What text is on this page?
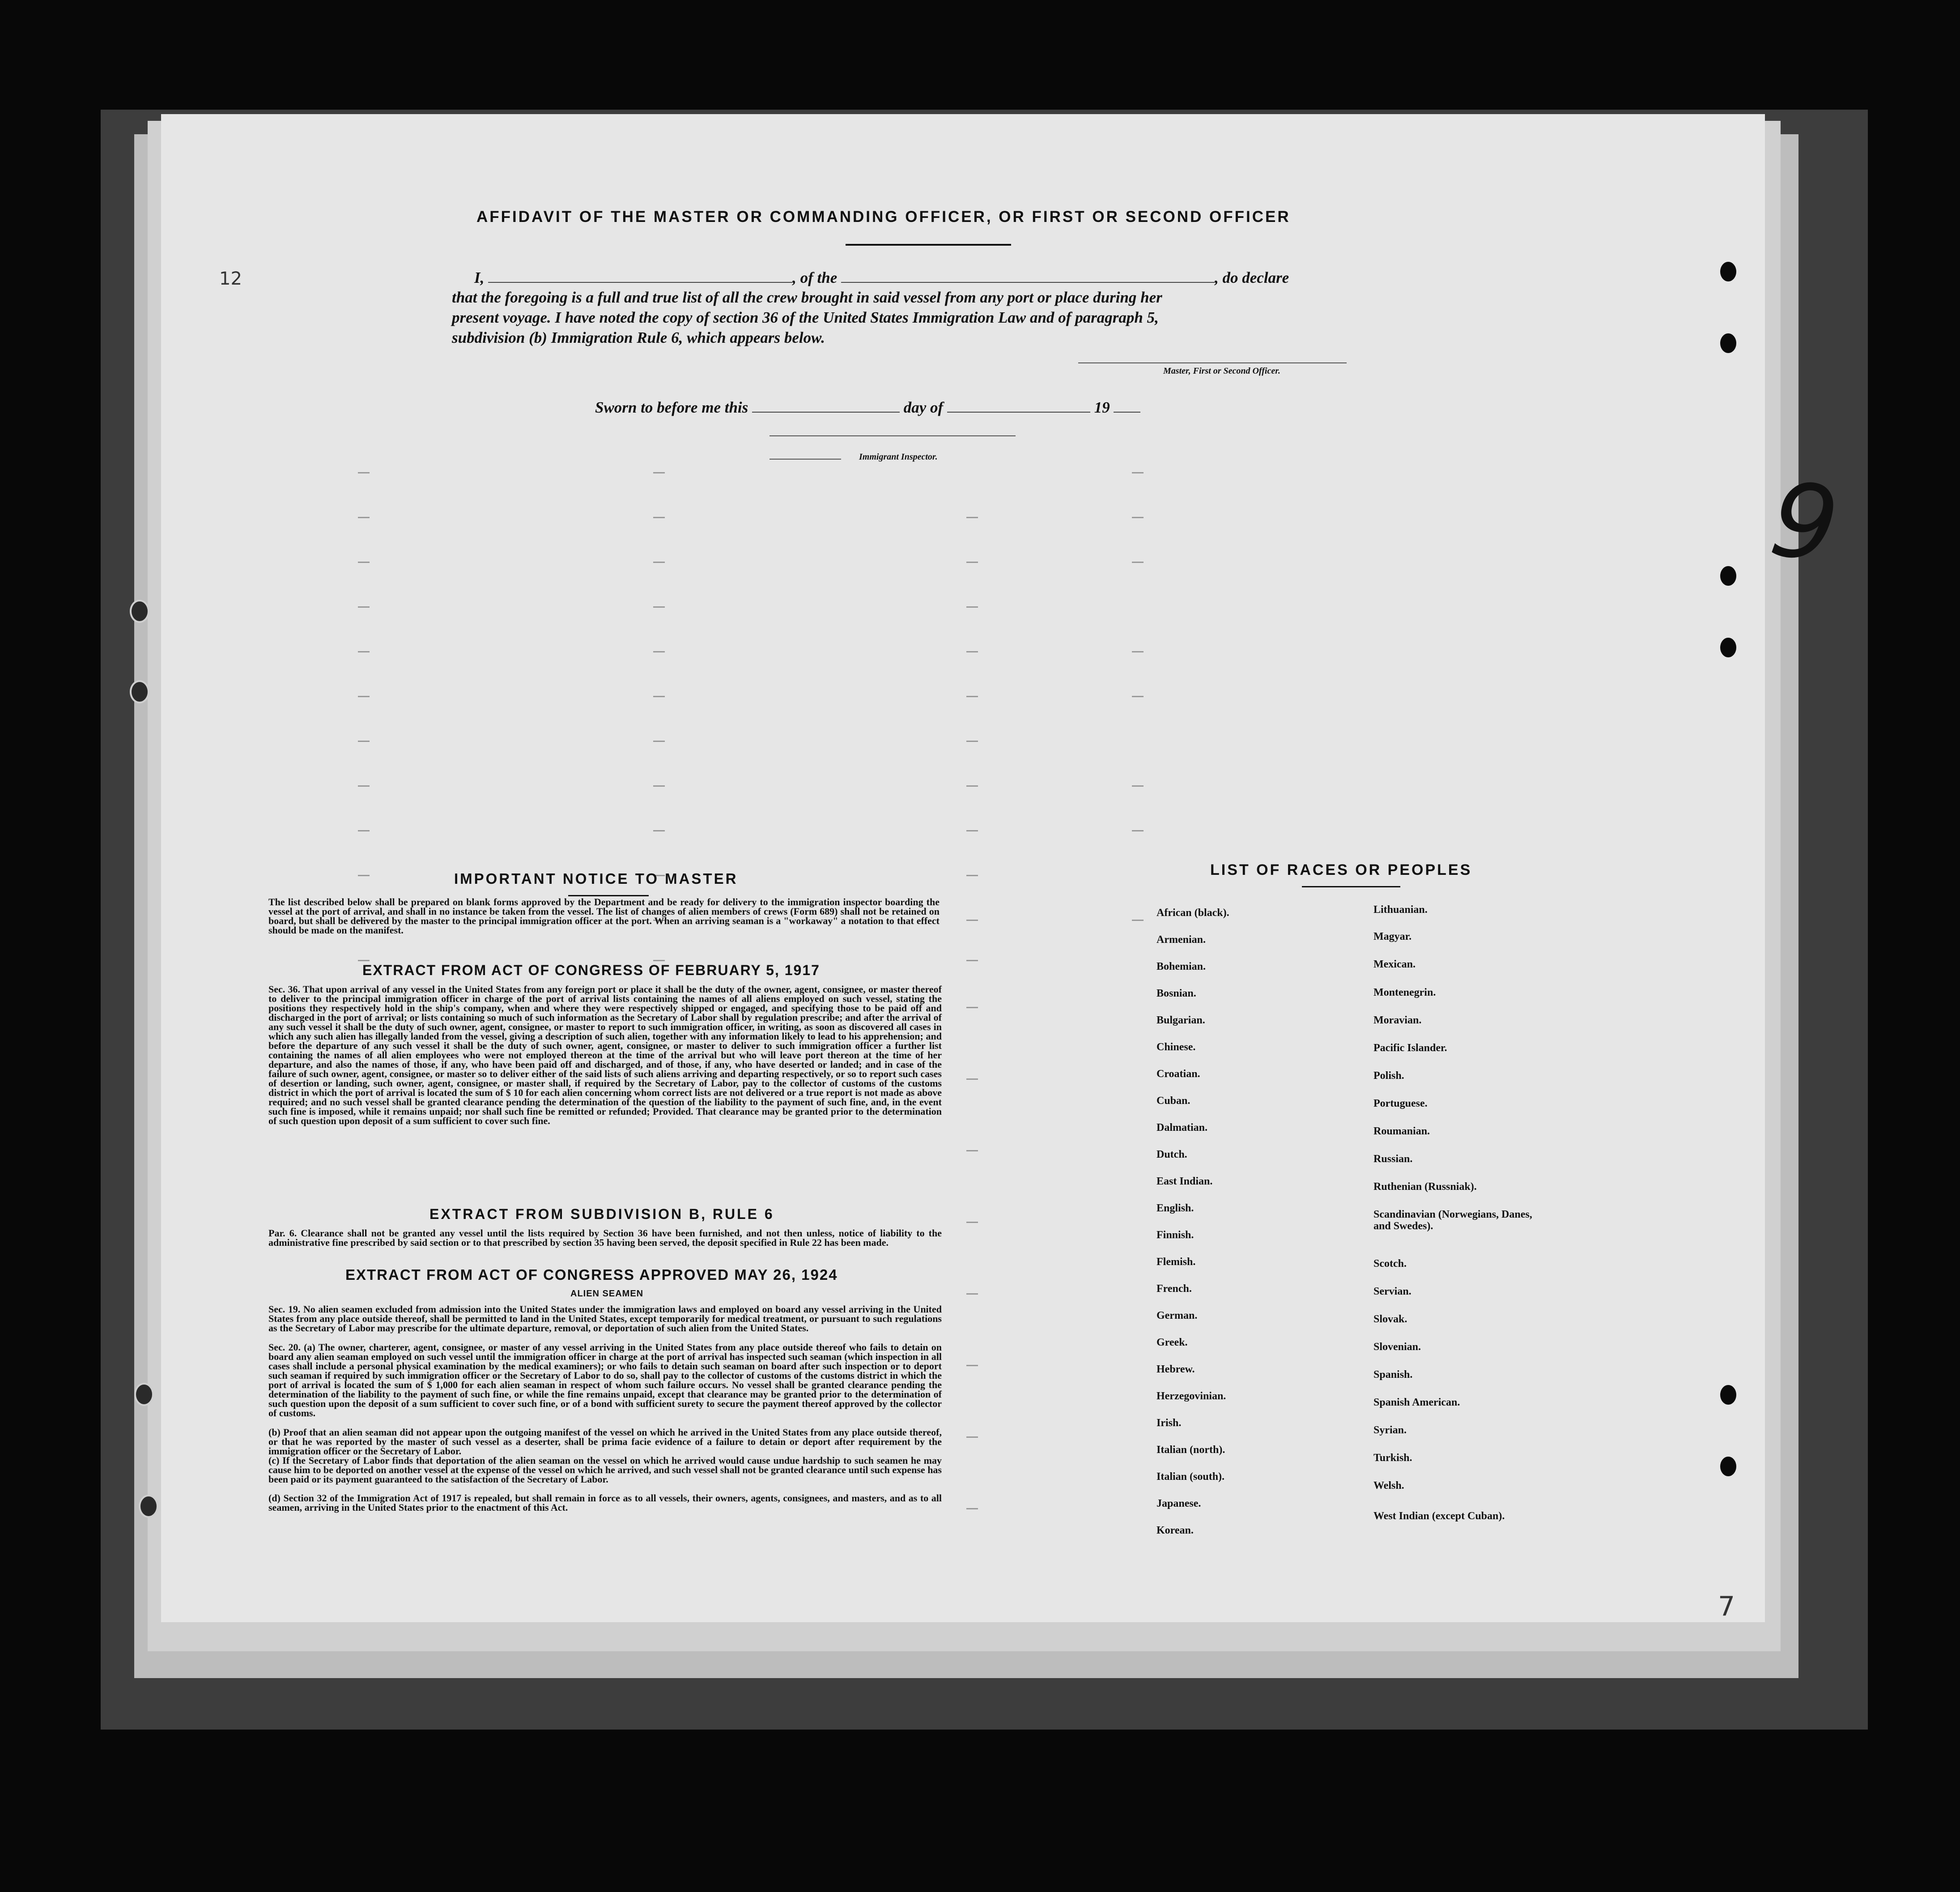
⠀
12
9
7
AFFIDAVIT OF THE MASTER OR COMMANDING OFFICER, OR FIRST OR SECOND OFFICER
I,	, of the	, do declare
that the foregoing is a full and true list of all the crew brought in said vessel from any port or place during her
present voyage. I have noted the copy of section 36 of the United States Immigration Law and of paragraph 5,
subdivision (b) Immigration Rule 6, which appears below.
Master, First or Second Officer.
Sworn to before me this	day of	19
Immigrant Inspector.
IMPORTANT NOTICE TO MASTER
The list described below shall be prepared on blank forms approved by the Department and be ready for delivery to the immigration inspector boarding the vessel at the port of arrival, and shall in no instance be taken from the vessel. The list of changes of alien members of crews (Form 689) shall not be retained on board, but shall be delivered by the master to the principal immigration officer at the port. When an arriving seaman is a "workaway" a notation to that effect should be made on the manifest.
EXTRACT FROM ACT OF CONGRESS OF FEBRUARY 5, 1917
Sec. 36. That upon arrival of any vessel in the United States from any foreign port or place it shall be the duty of the owner, agent, consignee, or master thereof to deliver to the principal immigration officer in charge of the port of arrival lists containing the names of all aliens employed on such vessel, stating the positions they respectively hold in the ship's company, when and where they were respectively shipped or engaged, and specifying those to be paid off and discharged in the port of arrival; or lists containing so much of such information as the Secretary of Labor shall by regulation prescribe; and after the arrival of any such vessel it shall be the duty of such owner, agent, consignee, or master to report to such immigration officer, in writing, as soon as discovered all cases in which any such alien has illegally landed from the vessel, giving a description of such alien, together with any information likely to lead to his apprehension; and before the departure of any such vessel it shall be the duty of such owner, agent, consignee, or master to deliver to such immigration officer a further list containing the names of all alien employees who were not employed thereon at the time of the arrival but who will leave port thereon at the time of her departure, and also the names of those, if any, who have been paid off and discharged, and of those, if any, who have deserted or landed; and in case of the failure of such owner, agent, consignee, or master so to deliver either of the said lists of such aliens arriving and departing respectively, or so to report such cases of desertion or landing, such owner, agent, consignee, or master shall, if required by the Secretary of Labor, pay to the collector of customs of the customs district in which the port of arrival is located the sum of $ 10 for each alien concerning whom correct lists are not delivered or a true report is not made as above required; and no such vessel shall be granted clearance pending the determination of the question of the liability to the payment of such fine, and, in the event such fine is imposed, while it remains unpaid; nor shall such fine be remitted or refunded; Provided. That clearance may be granted prior to the determination of such question upon deposit of a sum sufficient to cover such fine.
EXTRACT FROM SUBDIVISION B, RULE 6
Par. 6. Clearance shall not be granted any vessel until the lists required by Section 36 have been furnished, and not then unless, notice of liability to the administrative fine prescribed by said section or to that prescribed by section 35 having been served, the deposit specified in Rule 22 has been made.
EXTRACT FROM ACT OF CONGRESS APPROVED MAY 26, 1924
ALIEN SEAMEN
Sec. 19. No alien seamen excluded from admission into the United States under the immigration laws and employed on board any vessel arriving in the United States from any place outside thereof, shall be permitted to land in the United States, except temporarily for medical treatment, or pursuant to such regulations as the Secretary of Labor may prescribe for the ultimate departure, removal, or deportation of such alien from the United States.
Sec. 20. (a) The owner, charterer, agent, consignee, or master of any vessel arriving in the United States from any place outside thereof who fails to detain on board any alien seaman employed on such vessel until the immigration officer in charge at the port of arrival has inspected such seaman (which inspection in all cases shall include a personal physical examination by the medical examiners); or who fails to detain such seaman on board after such inspection or to deport such seaman if required by such immigration officer or the Secretary of Labor to do so, shall pay to the collector of customs of the customs district in which the port of arrival is located the sum of $ 1,000 for each alien seaman in respect of whom such failure occurs. No vessel shall be granted clearance pending the determination of the liability to the payment of such fine, or while the fine remains unpaid, except that clearance may be granted prior to the determination of such question upon the deposit of a sum sufficient to cover such fine, or of a bond with sufficient surety to secure the payment thereof approved by the collector of customs.
(b) Proof that an alien seaman did not appear upon the outgoing manifest of the vessel on which he arrived in the United States from any place outside thereof, or that he was reported by the master of such vessel as a deserter, shall be prima facie evidence of a failure to detain or deport after requirement by the immigration officer or the Secretary of Labor.
(c) If the Secretary of Labor finds that deportation of the alien seaman on the vessel on which he arrived would cause undue hardship to such seamen he may cause him to be deported on another vessel at the expense of the vessel on which he arrived, and such vessel shall not be granted clearance until such expense has been paid or its payment guaranteed to the satisfaction of the Secretary of Labor.
(d) Section 32 of the Immigration Act of 1917 is repealed, but shall remain in force as to all vessels, their owners, agents, consignees, and masters, and as to all seamen, arriving in the United States prior to the enactment of this Act.
LIST OF RACES OR PEOPLES
African (black).
Armenian.
Bohemian.
Bosnian.
Bulgarian.
Chinese.
Croatian.
Cuban.
Dalmatian.
Dutch.
East Indian.
English.
Finnish.
Flemish.
French.
German.
Greek.
Hebrew.
Herzegovinian.
Irish.
Italian (north).
Italian (south).
Japanese.
Korean.
Lithuanian.
Magyar.
Mexican.
Montenegrin.
Moravian.
Pacific Islander.
Polish.
Portuguese.
Roumanian.
Russian.
Ruthenian (Russniak).
Scandinavian (Norwegians, Danes, and Swedes).
Scotch.
Servian.
Slovak.
Slovenian.
Spanish.
Spanish American.
Syrian.
Turkish.
Welsh.
West Indian (except Cuban).
